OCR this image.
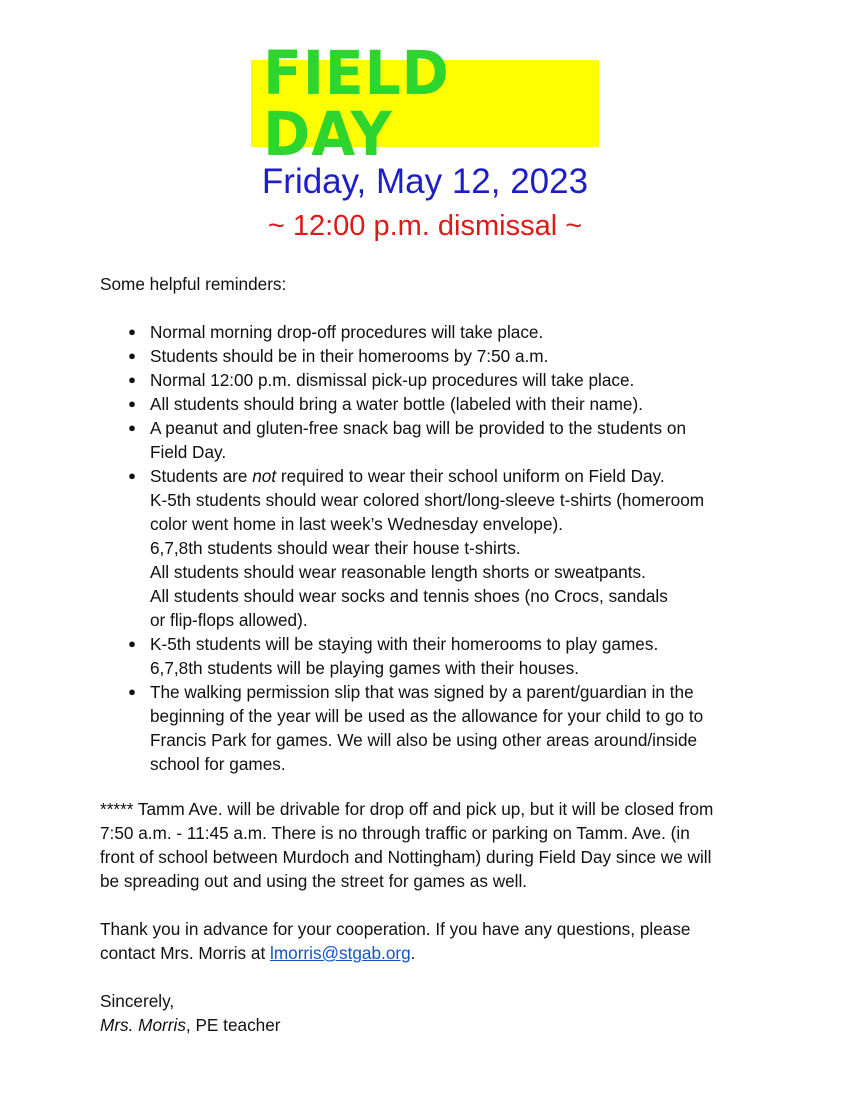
FIELD DAY
Friday, May 12, 2023
~ 12:00 p.m. dismissal ~
Some helpful reminders:
● Normal morning drop-off procedures will take place.
● Students should be in their homerooms by 7:50 a.m.
● Normal 12:00 p.m. dismissal pick-up procedures will take place.
● All students should bring a water bottle (labeled with their name).
● A peanut and gluten-free snack bag will be provided to the students on
Field Day.
● Students are not required to wear their school uniform on Field Day.
K-5th students should wear colored short/long-sleeve t-shirts (homeroom
color went home in last week’s Wednesday envelope).
6,7,8th students should wear their house t-shirts.
All students should wear reasonable length shorts or sweatpants.
All students should wear socks and tennis shoes (no Crocs, sandals
or flip-flops allowed).
● K-5th students will be staying with their homerooms to play games.
6,7,8th students will be playing games with their houses.
● The walking permission slip that was signed by a parent/guardian in the
beginning of the year will be used as the allowance for your child to go to
Francis Park for games. We will also be using other areas around/inside
school for games.
***** Tamm Ave. will be drivable for drop off and pick up, but it will be closed from
7:50 a.m. - 11:45 a.m. There is no through traffic or parking on Tamm. Ave. (in
front of school between Murdoch and Nottingham) during Field Day since we will
be spreading out and using the street for games as well.
Thank you in advance for your cooperation. If you have any questions, please
contact Mrs. Morris at lmorris@stgab.org.
Sincerely,
Mrs. Morris, PE teacher
